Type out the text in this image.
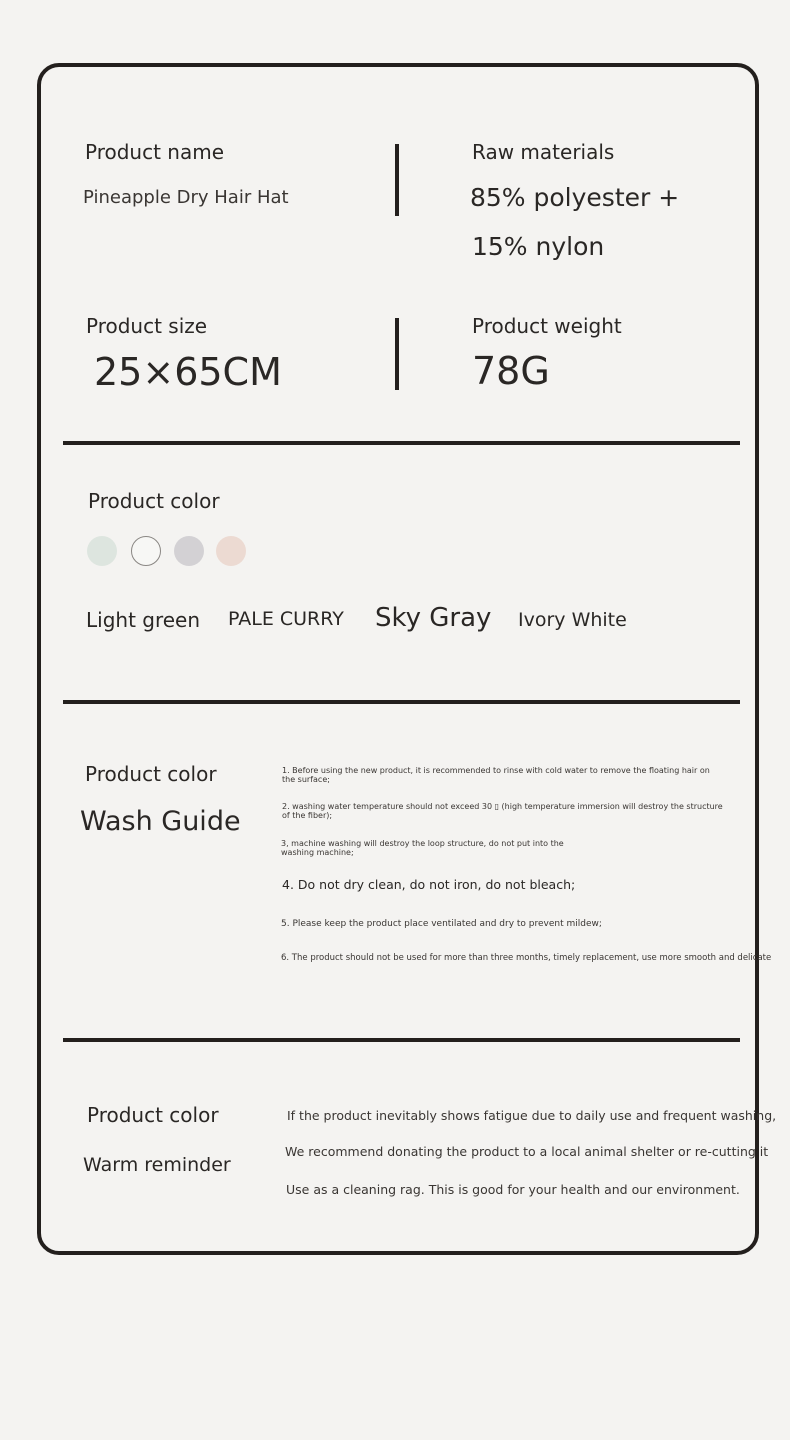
Product name
Pineapple Dry Hair Hat
Raw materials
85% polyester +
15% nylon
Product size
25×65CM
Product weight
78G
Product color
Light green PALE CURRY Sky Gray Ivory White
Product color
Wash Guide
1. Before using the new product, it is recommended to rinse with cold water to remove the floating hair on the surface;
2. washing water temperature should not exceed 30 ▯ (high temperature immersion will destroy the structure of the fiber);
3, machine washing will destroy the loop structure, do not put into the washing machine;
4. Do not dry clean, do not iron, do not bleach;
5. Please keep the product place ventilated and dry to prevent mildew;
6. The product should not be used for more than three months, timely replacement, use more smooth and delicate
Product color
Warm reminder
If the product inevitably shows fatigue due to daily use and frequent washing,
We recommend donating the product to a local animal shelter or re-cutting it
Use as a cleaning rag. This is good for your health and our environment.
